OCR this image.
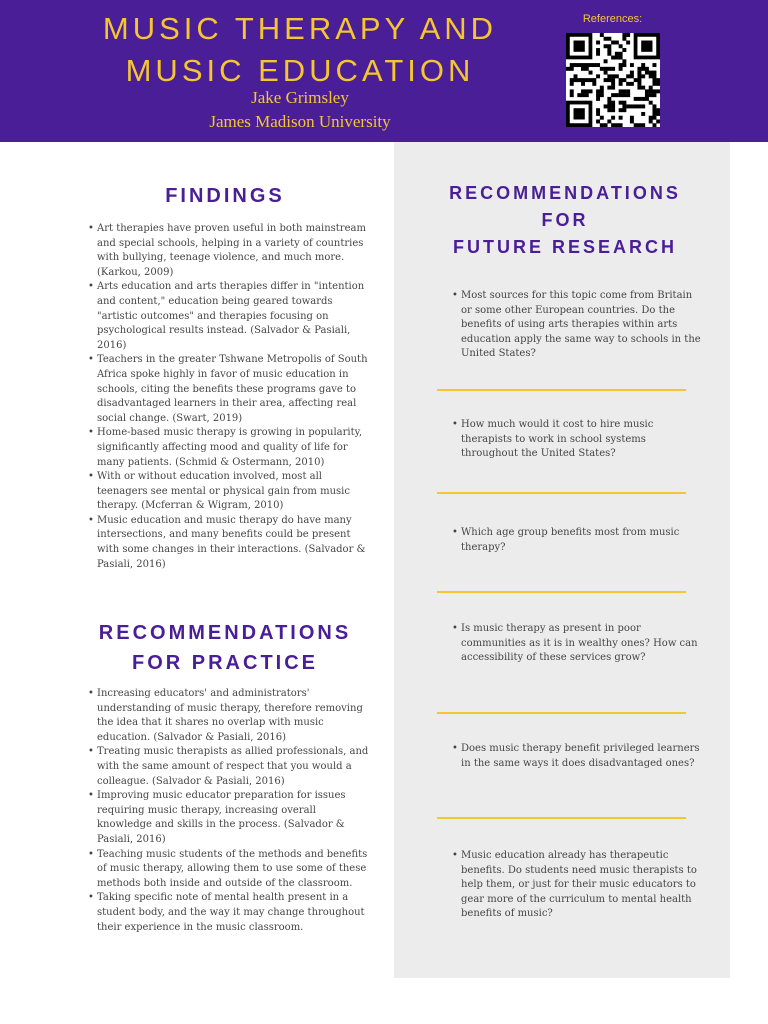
MUSIC THERAPY AND
MUSIC EDUCATION
Jake Grimsley
James Madison University
References:
FINDINGS
• Art therapies have proven useful in both mainstream and special schools, helping in a variety of countries with bullying, teenage violence, and much more. (Karkou, 2009)
• Arts education and arts therapies differ in "intention and content," education being geared towards "artistic outcomes" and therapies focusing on psychological results instead. (Salvador & Pasiali, 2016)
• Teachers in the greater Tshwane Metropolis of South Africa spoke highly in favor of music education in schools, citing the benefits these programs gave to disadvantaged learners in their area, affecting real social change. (Swart, 2019)
• Home-based music therapy is growing in popularity, significantly affecting mood and quality of life for many patients. (Schmid & Ostermann, 2010)
• With or without education involved, most all teenagers see mental or physical gain from music therapy. (Mcferran & Wigram, 2010)
• Music education and music therapy do have many intersections, and many benefits could be present with some changes in their interactions. (Salvador & Pasiali, 2016)
RECOMMENDATIONS
FOR PRACTICE
• Increasing educators' and administrators' understanding of music therapy, therefore removing the idea that it shares no overlap with music education. (Salvador & Pasiali, 2016)
• Treating music therapists as allied professionals, and with the same amount of respect that you would a colleague. (Salvador & Pasiali, 2016)
• Improving music educator preparation for issues requiring music therapy, increasing overall knowledge and skills in the process. (Salvador & Pasiali, 2016)
• Teaching music students of the methods and benefits of music therapy, allowing them to use some of these methods both inside and outside of the classroom.
• Taking specific note of mental health present in a student body, and the way it may change throughout their experience in the music classroom.
RECOMMENDATIONS
FOR
FUTURE RESEARCH
• Most sources for this topic come from Britain or some other European countries. Do the benefits of using arts therapies within arts education apply the same way to schools in the United States?
• How much would it cost to hire music therapists to work in school systems throughout the United States?
• Which age group benefits most from music therapy?
• Is music therapy as present in poor communities as it is in wealthy ones? How can accessibility of these services grow?
• Does music therapy benefit privileged learners in the same ways it does disadvantaged ones?
• Music education already has therapeutic benefits. Do students need music therapists to help them, or just for their music educators to gear more of the curriculum to mental health benefits of music?
